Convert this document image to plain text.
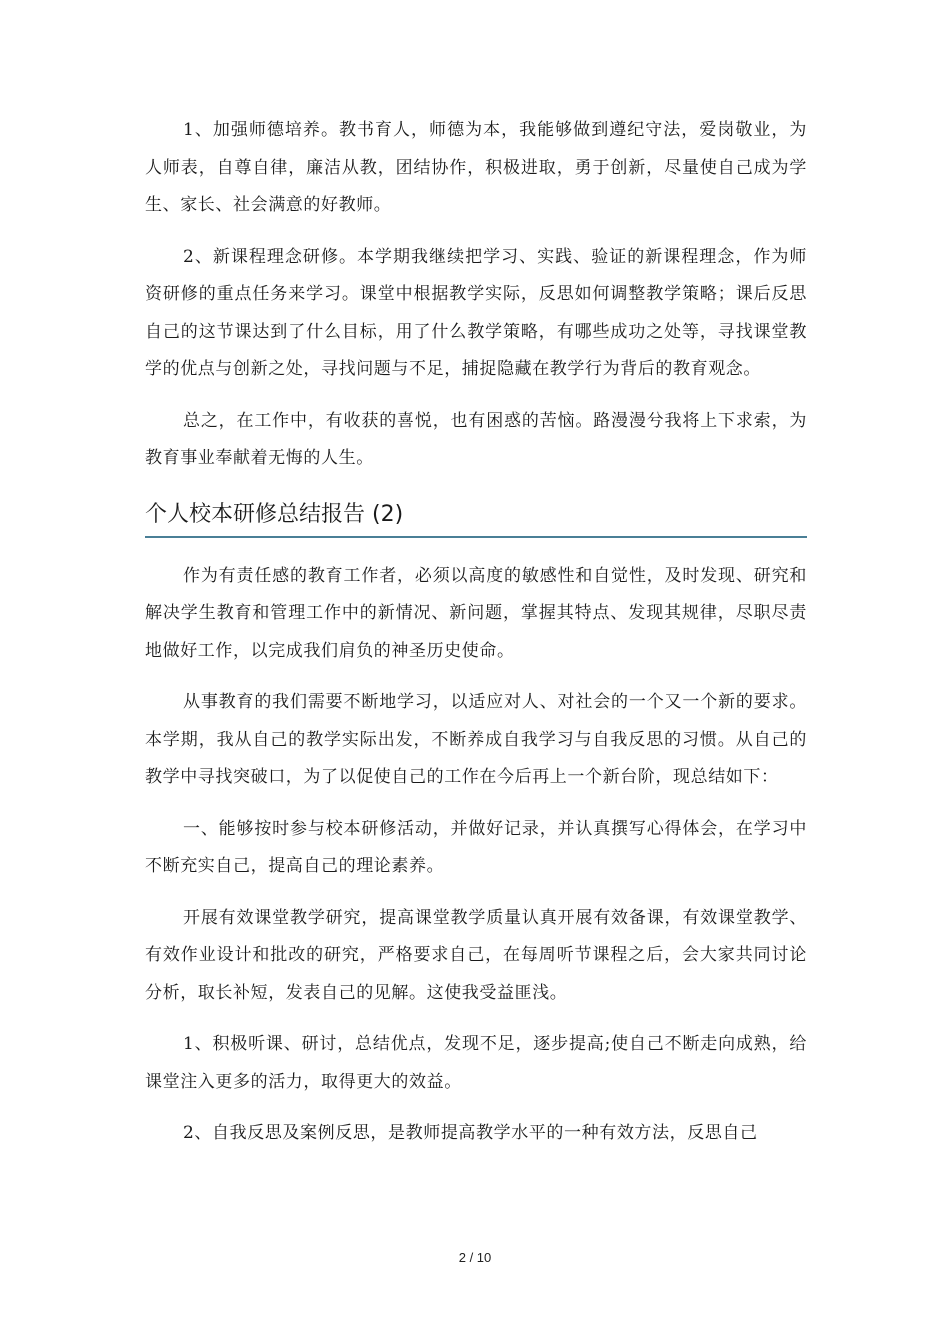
1、加强师德培养。教书育人，师德为本，我能够做到遵纪守法，爱岗敬业，为人师表，自尊自律，廉洁从教，团结协作，积极进取，勇于创新，尽量使自己成为学生、家长、社会满意的好教师。

2、新课程理念研修。本学期我继续把学习、实践、验证的新课程理念，作为师资研修的重点任务来学习。课堂中根据教学实际，反思如何调整教学策略；课后反思自己的这节课达到了什么目标，用了什么教学策略，有哪些成功之处等，寻找课堂教学的优点与创新之处，寻找问题与不足，捕捉隐藏在教学行为背后的教育观念。

总之，在工作中，有收获的喜悦，也有困惑的苦恼。路漫漫兮我将上下求索，为教育事业奉献着无悔的人生。

个人校本研修总结报告 (2)

作为有责任感的教育工作者，必须以高度的敏感性和自觉性，及时发现、研究和解决学生教育和管理工作中的新情况、新问题，掌握其特点、发现其规律，尽职尽责地做好工作，以完成我们肩负的神圣历史使命。

从事教育的我们需要不断地学习，以适应对人、对社会的一个又一个新的要求。本学期，我从自己的教学实际出发，不断养成自我学习与自我反思的习惯。从自己的教学中寻找突破口，为了以促使自己的工作在今后再上一个新台阶，现总结如下：

一、能够按时参与校本研修活动，并做好记录，并认真撰写心得体会，在学习中不断充实自己，提高自己的理论素养。

开展有效课堂教学研究，提高课堂教学质量认真开展有效备课，有效课堂教学、有效作业设计和批改的研究，严格要求自己，在每周听节课程之后，会大家共同讨论分析，取长补短，发表自己的见解。这使我受益匪浅。

1、积极听课、研讨，总结优点，发现不足，逐步提高;使自己不断走向成熟，给课堂注入更多的活力，取得更大的效益。

2、自我反思及案例反思，是教师提高教学水平的一种有效方法，反思自己

2 / 10
